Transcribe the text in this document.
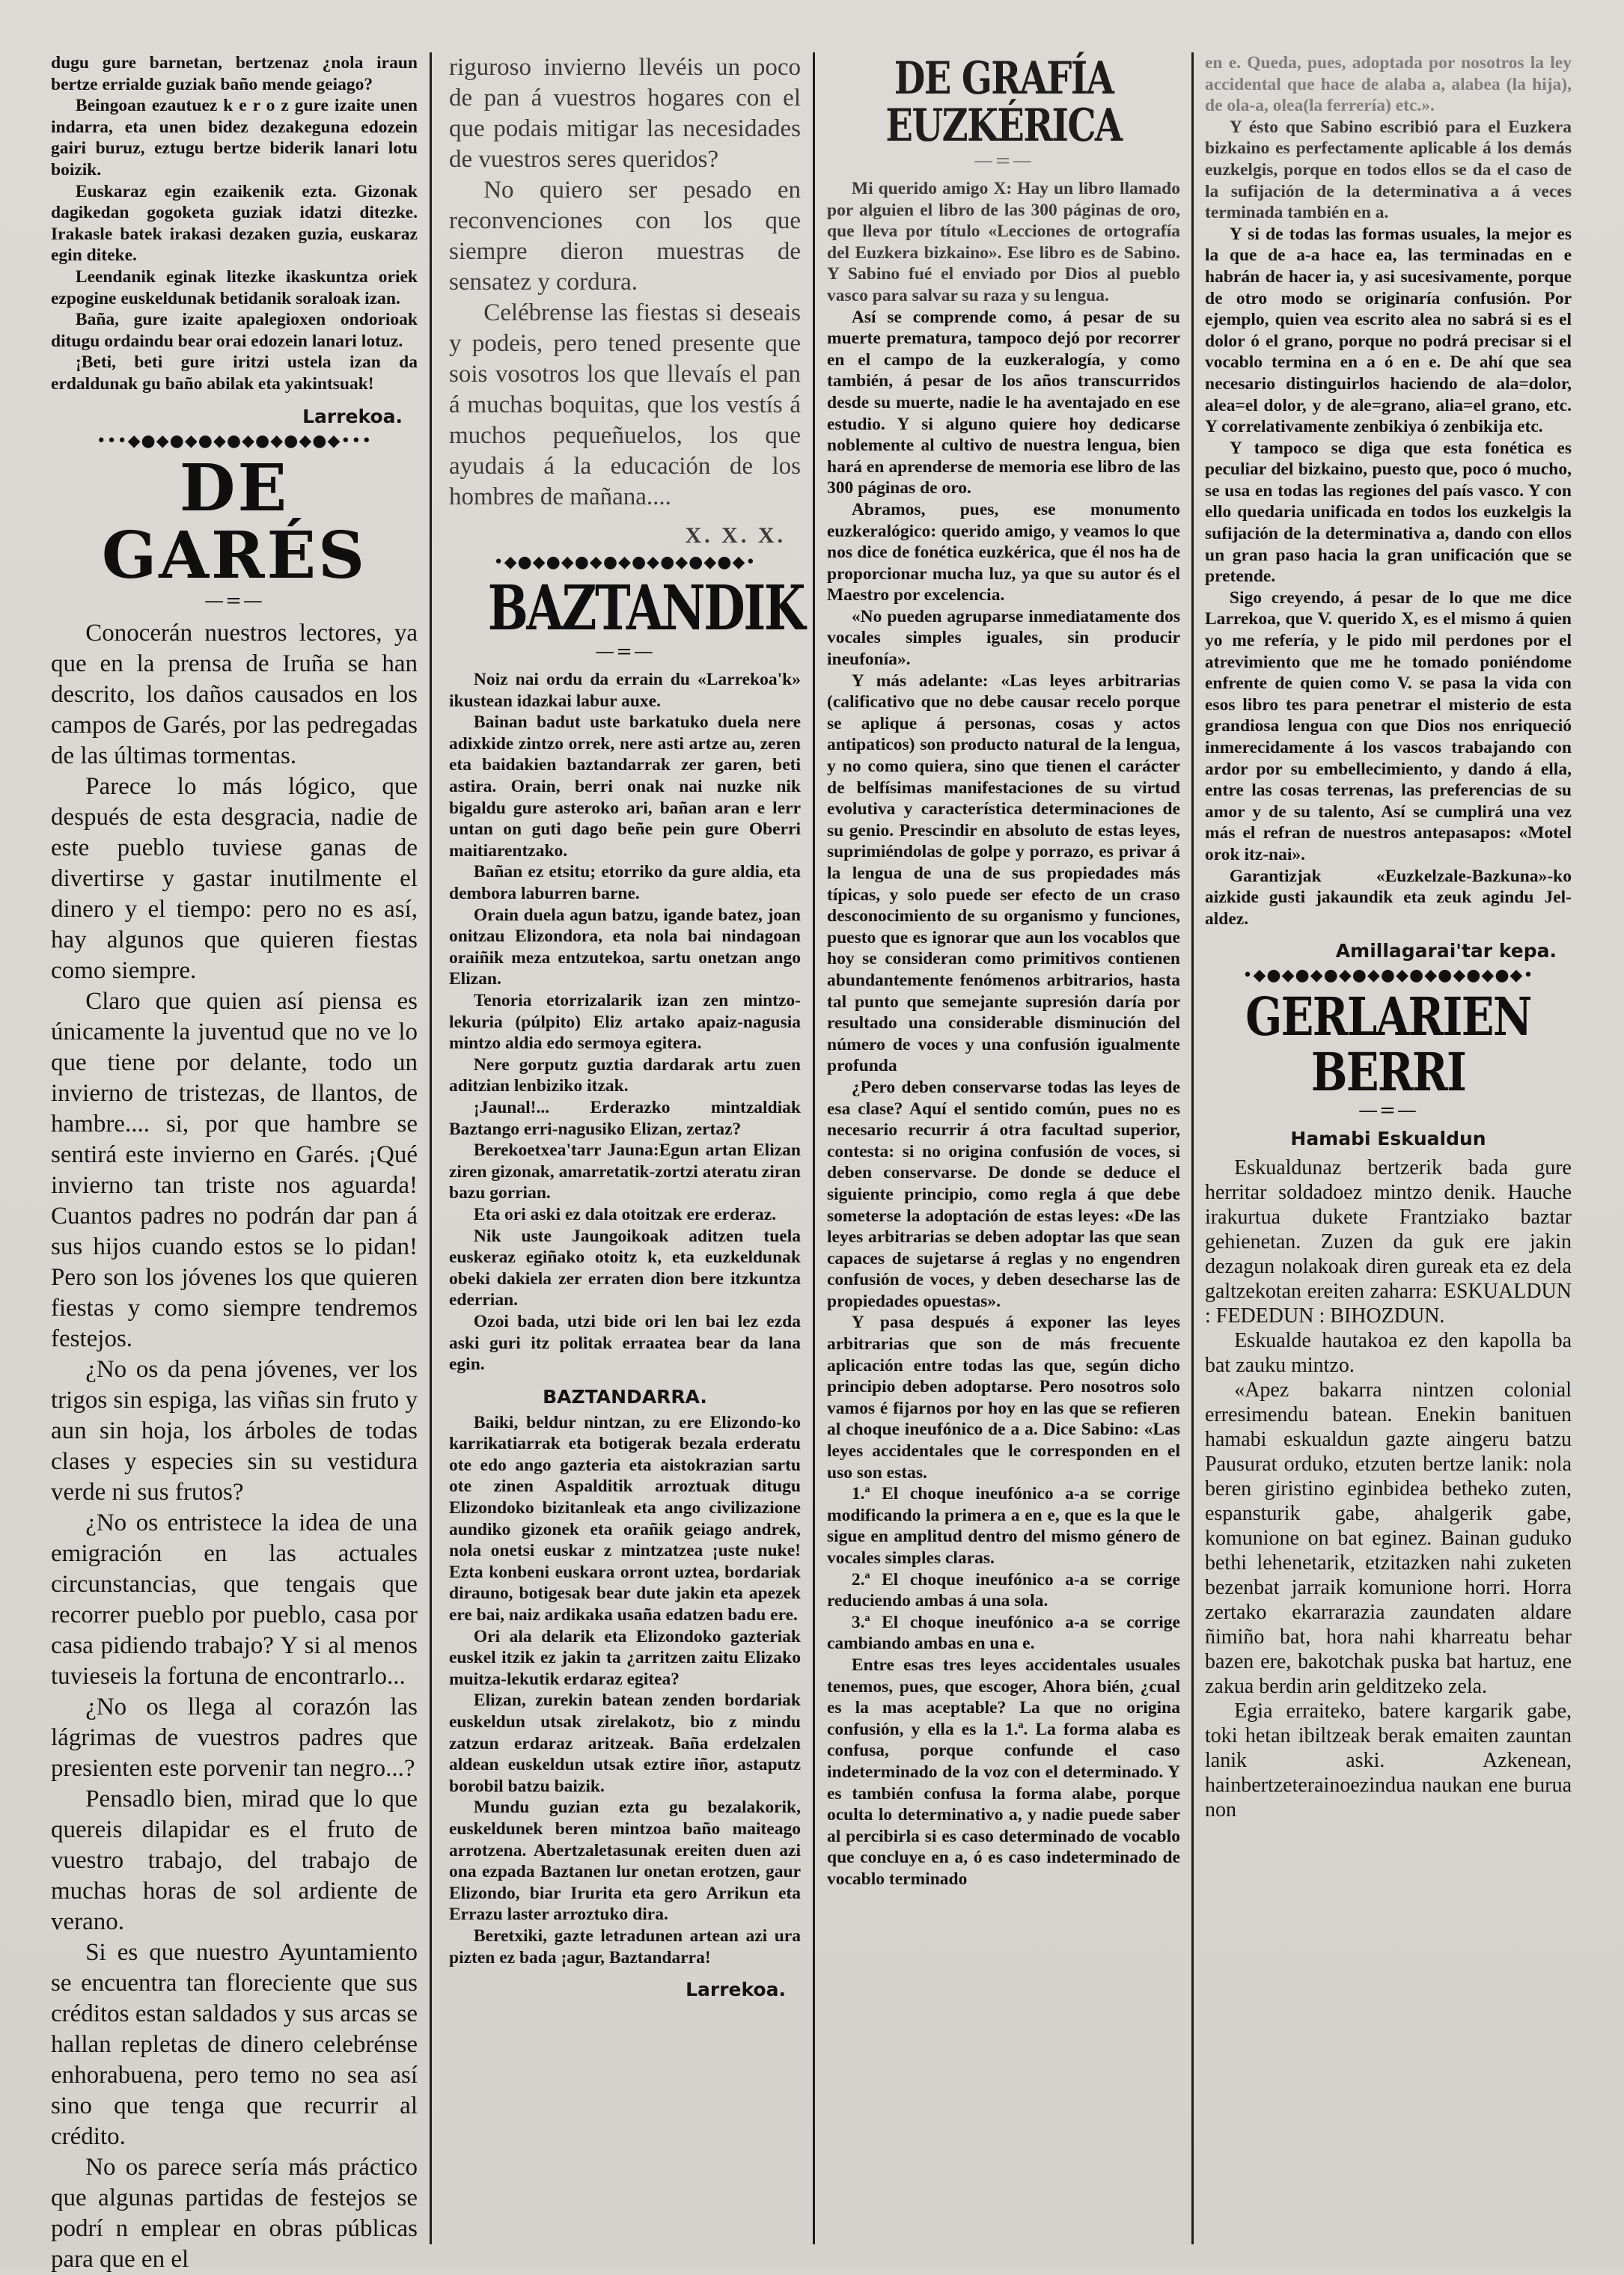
dugu gure barnetan, bertzenaz ¿nola iraun bertze errialde guziak baño mende geiago?

Beingoan ezautuez k e r o z gure izaite unen indarra, eta unen bidez dezakeguna edozein gairi buruz, eztugu bertze biderik lanari lotu boizik.

Euskaraz egin ezaikenik ezta. Gizonak dagikedan gogoketa guziak idatzi ditezke. Irakasle batek irakasi dezaken guzia, euskaraz egin diteke.

Leendanik eginak litezke ikaskuntza oriek ezpogine euskeldunak betidanik soraloak izan.

Baña, gure izaite apalegioxen ondorioak ditugu ordaindu bear orai edozein lanari lotuz.

¡Beti, beti gure iritzi ustela izan da erdaldunak gu baño abilak eta yakintsuak!

Larrekoa.
•••◆●◆●◆●◆●◆●◆●◆●◆•••
DE GARÉS
—=—

Conocerán nuestros lectores, ya que en la prensa de Iruña se han descrito, los daños causados en los campos de Garés, por las pedregadas de las últimas tormentas.

Parece lo más lógico, que después de esta desgracia, nadie de este pueblo tuviese ganas de divertirse y gastar inutilmente el dinero y el tiempo: pero no es así, hay algunos que quieren fiestas como siempre.

Claro que quien así piensa es únicamente la juventud que no ve lo que tiene por delante, todo un invierno de tristezas, de llantos, de hambre.... si, por que hambre se sentirá este invierno en Garés. ¡Qué invierno tan triste nos aguarda! Cuantos padres no podrán dar pan á sus hijos cuando estos se lo pidan! Pero son los jóvenes los que quieren fiestas y como siempre tendremos festejos.

¿No os da pena jóvenes, ver los trigos sin espiga, las viñas sin fruto y aun sin hoja, los árboles de todas clases y especies sin su vestidura verde ni sus frutos?

¿No os entristece la idea de una emigración en las actuales circunstancias, que tengais que recorrer pueblo por pueblo, casa por casa pidiendo trabajo? Y si al menos tuvieseis la fortuna de encontrarlo...

¿No os llega al corazón las lágrimas de vuestros padres que presienten este porvenir tan negro...?

Pensadlo bien, mirad que lo que quereis dilapidar es el fruto de vuestro trabajo, del trabajo de muchas horas de sol ardiente de verano.

Si es que nuestro Ayuntamiento se encuentra tan floreciente que sus créditos estan saldados y sus arcas se hallan repletas de dinero celebrénse enhorabuena, pero temo no sea así sino que tenga que recurrir al crédito.

No os parece sería más práctico que algunas partidas de festejos se podrí n emplear en obras públicas para que en el

riguroso invierno llevéis un poco de pan á vuestros hogares con el que podais mitigar las necesidades de vuestros seres queridos?

No quiero ser pesado en reconvenciones con los que siempre dieron muestras de sensatez y cordura.

Celébrense las fiestas si deseais y podeis, pero tened presente que sois vosotros los que llevaís el pan á muchas boquitas, que los vestís á muchos pequeñuelos, los que ayudais á la educación de los hombres de mañana....

X. X. X.
•◆●◆●◆●◆●◆●◆●◆●◆●◆•
BAZTANDIK
—=—

Noiz nai ordu da errain du «Larrekoa'k» ikustean idazkai labur auxe.

Bainan badut uste barkatuko duela nere adixkide zintzo orrek, nere asti artze au, zeren eta baidakien baztandarrak zer garen, beti astira. Orain, berri onak nai nuzke nik bigaldu gure asteroko ari, bañan aran e lerr untan on guti dago beñe pein gure Oberri maitiarentzako.

Bañan ez etsitu; etorriko da gure aldia, eta dembora laburren barne.

Orain duela agun batzu, igande batez, joan onitzau Elizondora, eta nola bai nindagoan oraiñik meza entzutekoa, sartu onetzan ango Elizan.

Tenoria etorrizalarik izan zen mintzo-lekuria (púlpito) Eliz artako apaiz-nagusia mintzo aldia edo sermoya egitera.

Nere gorputz guztia dardarak artu zuen aditzian lenbiziko itzak.

¡Jaunal!... Erderazko mintzaldiak Baztango erri-nagusiko Elizan, zertaz?

Berekoetxea'tarr Jauna:Egun artan Elizan ziren gizonak, amarretatik-zortzi ateratu ziran bazu gorrian.

Eta ori aski ez dala otoitzak ere erderaz.

Nik uste Jaungoikoak aditzen tuela euskeraz egiñako otoitz k, eta euzkeldunak obeki dakiela zer erraten dion bere itzkuntza ederrian.

Ozoi bada, utzi bide ori len bai lez ezda aski guri itz politak erraatea bear da lana egin.

BAZTANDARRA.

Baiki, beldur nintzan, zu ere Elizondo-ko karrikatiarrak eta botigerak bezala erderatu ote edo ango gazteria eta aistokrazian sartu ote zinen Aspalditik arroztuak ditugu Elizondoko bizitanleak eta ango civilizazione aundiko gizonek eta orañik geiago andrek, nola onetsi euskar z mintzatzea ¡uste nuke! Ezta konbeni euskara orront uztea, bordariak dirauno, botigesak bear dute jakin eta apezek ere bai, naiz ardikaka usaña edatzen badu ere.

Ori ala delarik eta Elizondoko gazteriak euskel itzik ez jakin ta ¿arritzen zaitu Elizako muitza-lekutik erdaraz egitea?

Elizan, zurekin batean zenden bordariak euskeldun utsak zirelakotz, bio z mindu zatzun erdaraz aritzeak. Baña erdelzalen aldean euskeldun utsak eztire iñor, astaputz borobil batzu baizik.

Mundu guzian ezta gu bezalakorik, euskeldunek beren mintzoa baño maiteago arrotzena. Abertzaletasunak ereiten duen azi ona ezpada Baztanen lur onetan erotzen, gaur Elizondo, biar Irurita eta gero Arrikun eta Errazu laster arroztuko dira.

Beretxiki, gazte letradunen artean azi ura pizten ez bada ¡agur, Baztandarra!

Larrekoa.
DE GRAFÍA EUZKÉRICA
—=—

Mi querido amigo X: Hay un libro llamado por alguien el libro de las 300 páginas de oro, que lleva por título «Lecciones de ortografía del Euzkera bizkaino». Ese libro es de Sabino. Y Sabino fué el enviado por Dios al pueblo vasco para salvar su raza y su lengua.

Así se comprende como, á pesar de su muerte prematura, tampoco dejó por recorrer en el campo de la euzkeralogía, y como también, á pesar de los años transcurridos desde su muerte, nadie le ha aventajado en ese estudio. Y si alguno quiere hoy dedicarse noblemente al cultivo de nuestra lengua, bien hará en aprenderse de memoria ese libro de las 300 páginas de oro.

Abramos, pues, ese monumento euzkeralógico: querido amigo, y veamos lo que nos dice de fonética euzkérica, que él nos ha de proporcionar mucha luz, ya que su autor és el Maestro por excelencia.

«No pueden agruparse inmediatamente dos vocales simples iguales, sin producir ineufonía».

Y más adelante: «Las leyes arbitrarias (calificativo que no debe causar recelo porque se aplique á personas, cosas y actos antipaticos) son producto natural de la lengua, y no como quiera, sino que tienen el carácter de belfísimas manifestaciones de su virtud evolutiva y característica determinaciones de su genio. Prescindir en absoluto de estas leyes, suprimiéndolas de golpe y porrazo, es privar á la lengua de una de sus propiedades más típicas, y solo puede ser efecto de un craso desconocimiento de su organismo y funciones, puesto que es ignorar que aun los vocablos que hoy se consideran como primitivos contienen abundantemente fenómenos arbitrarios, hasta tal punto que semejante supresión daría por resultado una considerable disminución del número de voces y una confusión igualmente profunda

¿Pero deben conservarse todas las leyes de esa clase? Aquí el sentido común, pues no es necesario recurrir á otra facultad superior, contesta: si no origina confusión de voces, si deben conservarse. De donde se deduce el siguiente principio, como regla á que debe someterse la adoptación de estas leyes: «De las leyes arbitrarias se deben adoptar las que sean capaces de sujetarse á reglas y no engendren confusión de voces, y deben desecharse las de propiedades opuestas».

Y pasa después á exponer las leyes arbitrarias que son de más frecuente aplicación entre todas las que, según dicho principio deben adoptarse. Pero nosotros solo vamos é fijarnos por hoy en las que se refieren al choque ineufónico de a a. Dice Sabino: «Las leyes accidentales que le corresponden en el uso son estas.

1.ª El choque ineufónico a-a se corrige modificando la primera a en e, que es la que le sigue en amplitud dentro del mismo género de vocales simples claras.

2.ª El choque ineufónico a-a se corrige reduciendo ambas á una sola.

3.ª El choque ineufónico a-a se corrige cambiando ambas en una e.

Entre esas tres leyes accidentales usuales tenemos, pues, que escoger, Ahora bién, ¿cual es la mas aceptable? La que no origina confusión, y ella es la 1.ª. La forma alaba es confusa, porque confunde el caso indeterminado de la voz con el determinado. Y es también confusa la forma alabe, porque oculta lo determinativo a, y nadie puede saber al percibirla si es caso determinado de vocablo que concluye en a, ó es caso indeterminado de vocablo terminado

en e. Queda, pues, adoptada por nosotros la ley accidental que hace de alaba a, alabea (la hija), de ola-a, olea(la ferrería) etc.».

Y ésto que Sabino escribió para el Euzkera bizkaino es perfectamente aplicable á los demás euzkelgis, porque en todos ellos se da el caso de la sufijación de la determinativa a á veces terminada también en a.

Y si de todas las formas usuales, la mejor es la que de a-a hace ea, las terminadas en e habrán de hacer ia, y asi sucesivamente, porque de otro modo se originaría confusión. Por ejemplo, quien vea escrito alea no sabrá si es el dolor ó el grano, porque no podrá precisar si el vocablo termina en a ó en e. De ahí que sea necesario distinguirlos haciendo de ala=dolor, alea=el dolor, y de ale=grano, alia=el grano, etc. Y correlativamente zenbikiya ó zenbikija etc.

Y tampoco se diga que esta fonética es peculiar del bizkaino, puesto que, poco ó mucho, se usa en todas las regiones del país vasco. Y con ello quedaria unificada en todos los euzkelgis la sufijación de la determinativa a, dando con ellos un gran paso hacia la gran unificación que se pretende.

Sigo creyendo, á pesar de lo que me dice Larrekoa, que V. querido X, es el mismo á quien yo me refería, y le pido mil perdones por el atrevimiento que me he tomado poniéndome enfrente de quien como V. se pasa la vida con esos libro tes para penetrar el misterio de esta grandiosa lengua con que Dios nos enriqueció inmerecidamente á los vascos trabajando con ardor por su embellecimiento, y dando á ella, entre las cosas terrenas, las preferencias de su amor y de su talento, Así se cumplirá una vez más el refran de nuestros antepasapos: «Motel orok itz-nai».

Garantizjak «Euzkelzale-Bazkuna»-ko aizkide gusti jakaundik eta zeuk agindu Jel-aldez.

Amillagarai'tar kepa.
•◆●◆●◆●◆●◆●◆●◆●◆●◆●◆•
GERLARIEN BERRI
—=—
Hamabi Eskualdun

Eskualdunaz bertzerik bada gure herritar soldadoez mintzo denik. Hauche irakurtua dukete Frantziako baztar gehienetan. Zuzen da guk ere jakin dezagun nolakoak diren gureak eta ez dela galtzekotan ereiten zaharra: ESKUALDUN : FEDEDUN : BIHOZDUN.

Eskualde hautakoa ez den kapolla ba bat zauku mintzo.

«Apez bakarra nintzen colonial erresimendu batean. Enekin banituen hamabi eskualdun gazte aingeru batzu Pausurat orduko, etzuten bertze lanik: nola beren giristino eginbidea betheko zuten, espansturik gabe, ahalgerik gabe, komunione on bat eginez. Bainan guduko bethi lehenetarik, etzitazken nahi zuketen bezenbat jarraik komunione horri. Horra zertako ekarrarazia zaundaten aldare ñimiño bat, hora nahi kharreatu behar bazen ere, bakotchak puska bat hartuz, ene zakua berdin arin gelditzeko zela.

Egia erraiteko, batere kargarik gabe, toki hetan ibiltzeak berak emaiten zauntan lanik aski. Azkenean, hainbertzeterainoezindua naukan ene burua non
